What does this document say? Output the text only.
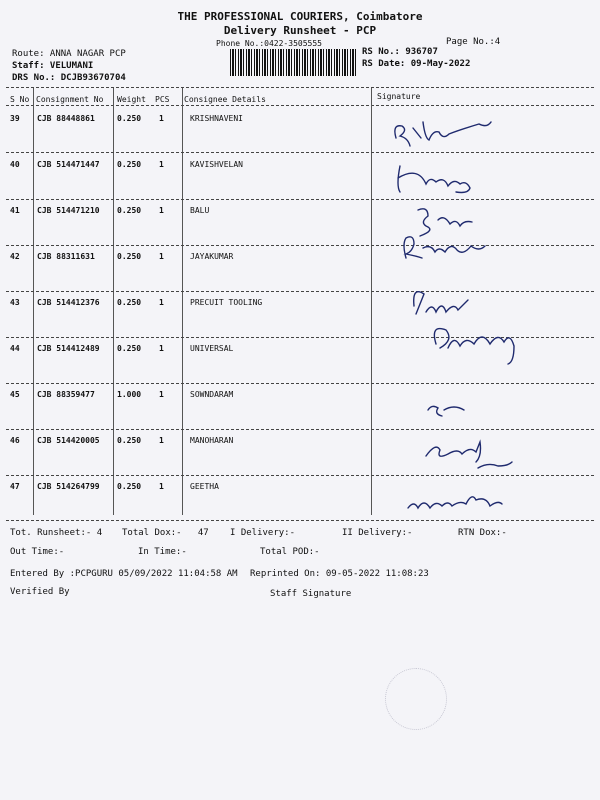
THE PROFESSIONAL COURIERS, Coimbatore
Delivery Runsheet - PCP
Phone No.:0422-3505555	Page No.:4
Route: ANNA NAGAR PCP
Staff: VELUMANI
DRS No.: DCJB93670704
RS No.: 936707
RS Date: 09-May-2022
S No Consignment No Weight PCS Consignee Details	Signature
39 CJB 88448861	0.250 1	KRISHNAVENI
40 CJB 514471447 0.250 1	KAVISHVELAN
41 CJB 514471210 0.250 1	BALU
42 CJB 88311631	0.250 1	JAYAKUMAR
43 CJB 514412376 0.250 1	PRECUIT TOOLING
44 CJB 514412489 0.250 1	UNIVERSAL
45 CJB 88359477	1.000 1	SOWNDARAM
46 CJB 514420005 0.250 1	MANOHARAN
47 CJB 514264799 0.250 1	GEETHA
Tot. Runsheet:- 4 Total Dox:-   47 I Delivery:-	II Delivery:-	RTN Dox:-
Out Time:-	In Time:-	Total POD:-
Entered By :PCPGURU 05/09/2022 11:04:58 AM Reprinted On: 09-05-2022 11:08:23
Verified By	Staff Signature
